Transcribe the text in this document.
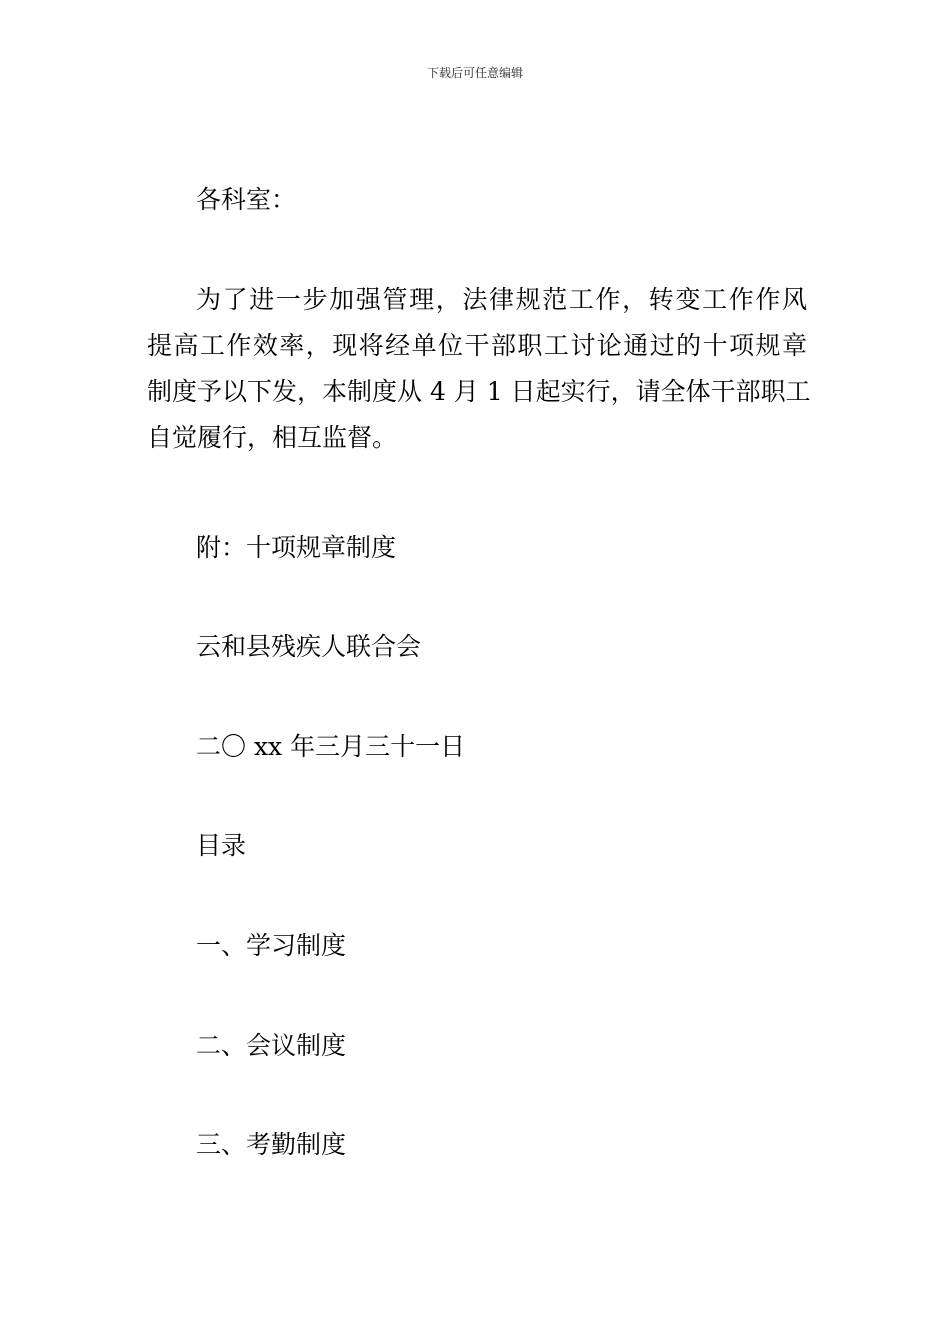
下载后可任意编辑
各科室：
为了进一步加强管理，法律规范工作，转变工作作风
提高工作效率，现将经单位干部职工讨论通过的十项规章
制度予以下发，本制度从 4 月 1 日起实行，请全体干部职工
自觉履行，相互监督。
附：十项规章制度
云和县残疾人联合会
二〇 xx 年三月三十一日
目录
一、学习制度
二、会议制度
三、考勤制度
